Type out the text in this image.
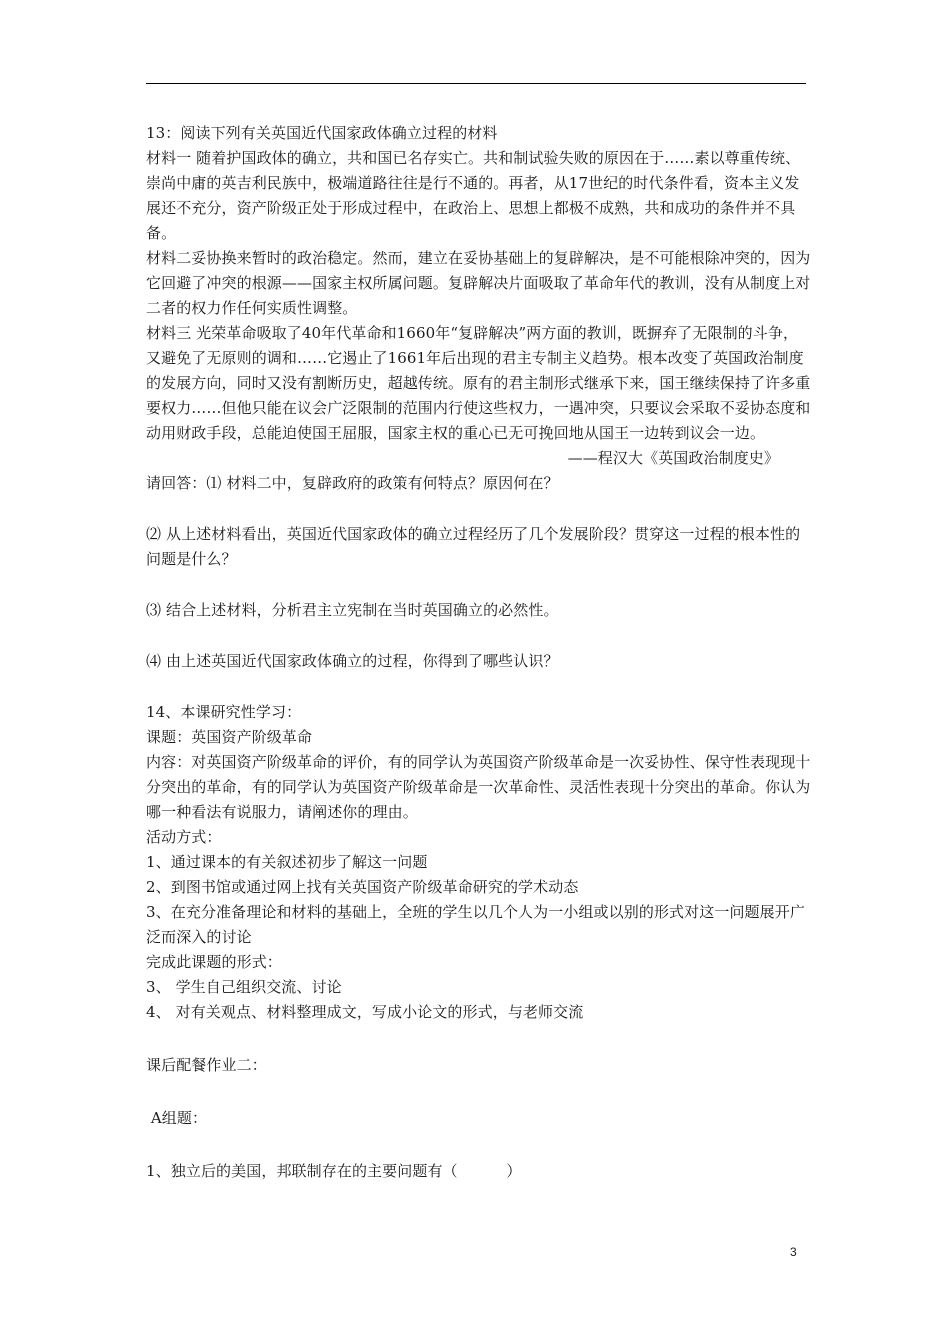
13：阅读下列有关英国近代国家政体确立过程的材料

材料一 随着护国政体的确立，共和国已名存实亡。共和制试验失败的原因在于……素以尊重传统、崇尚中庸的英吉利民族中，极端道路往往是行不通的。再者，从17世纪的时代条件看，资本主义发展还不充分，资产阶级正处于形成过程中，在政治上、思想上都极不成熟，共和成功的条件并不具备。

材料二妥协换来暂时的政治稳定。然而，建立在妥协基础上的复辟解决，是不可能根除冲突的，因为它回避了冲突的根源——国家主权所属问题。复辟解决片面吸取了革命年代的教训，没有从制度上对二者的权力作任何实质性调整。

材料三 光荣革命吸取了40年代革命和1660年“复辟解决”两方面的教训，既摒弃了无限制的斗争，又避免了无原则的调和……它遏止了1661年后出现的君主专制主义趋势。根本改变了英国政治制度的发展方向，同时又没有割断历史，超越传统。原有的君主制形式继承下来，国王继续保持了许多重要权力……但他只能在议会广泛限制的范围内行使这些权力，一遇冲突，只要议会采取不妥协态度和动用财政手段，总能迫使国王屈服，国家主权的重心已无可挽回地从国王一边转到议会一边。

——程汉大《英国政治制度史》

请回答：⑴ 材料二中，复辟政府的政策有何特点？原因何在？

⑵ 从上述材料看出，英国近代国家政体的确立过程经历了几个发展阶段？贯穿这一过程的根本性的问题是什么？

⑶ 结合上述材料，分析君主立宪制在当时英国确立的必然性。

⑷ 由上述英国近代国家政体确立的过程，你得到了哪些认识？

14、本课研究性学习：

课题：英国资产阶级革命

内容：对英国资产阶级革命的评价，有的同学认为英国资产阶级革命是一次妥协性、保守性表现现十分突出的革命，有的同学认为英国资产阶级革命是一次革命性、灵活性表现十分突出的革命。你认为哪一种看法有说服力，请阐述你的理由。

活动方式：

1、通过课本的有关叙述初步了解这一问题

2、到图书馆或通过网上找有关英国资产阶级革命研究的学术动态

3、在充分准备理论和材料的基础上，全班的学生以几个人为一小组或以别的形式对这一问题展开广泛而深入的讨论

完成此课题的形式：

3、 学生自己组织交流、讨论

4、 对有关观点、材料整理成文，写成小论文的形式，与老师交流

课后配餐作业二：

A组题：

1、独立后的美国，邦联制存在的主要问题有（          ）

3
